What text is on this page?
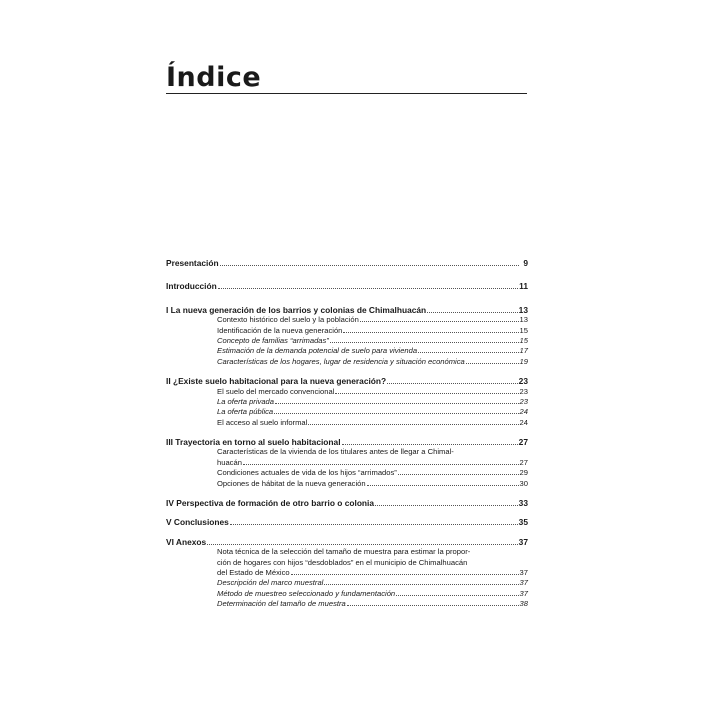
Índice
Presentación	9
Introducción	11
I La nueva generación de los barrios y colonias de Chimalhuacán	13
Contexto histórico del suelo y la población	13
Identificación de la nueva generación	15
Concepto de familias “arrimadas”	15
Estimación de la demanda potencial de suelo para vivienda	17
Características de los hogares, lugar de residencia y situación económica	19
II ¿Existe suelo habitacional para la nueva generación?	23
El suelo del mercado convencional	23
La oferta privada	23
La oferta pública	24
El acceso al suelo informal	24
III Trayectoria en torno al suelo habitacional	27
Características de la vivienda de los titulares antes de llegar a Chimal-
huacán	27
Condiciones actuales de vida de los hijos “arrimados”	29
Opciones de hábitat de la nueva generación	30
IV Perspectiva de formación de otro barrio o colonia	33
V Conclusiones	35
VI Anexos	37
Nota técnica de la selección del tamaño de muestra para estimar la propor-
ción de hogares con hijos “desdoblados” en el municipio de Chimalhuacán
del Estado de México	37
Descripción del marco muestral	37
Método de muestreo seleccionado y fundamentación	37
Determinación del tamaño de muestra	38
